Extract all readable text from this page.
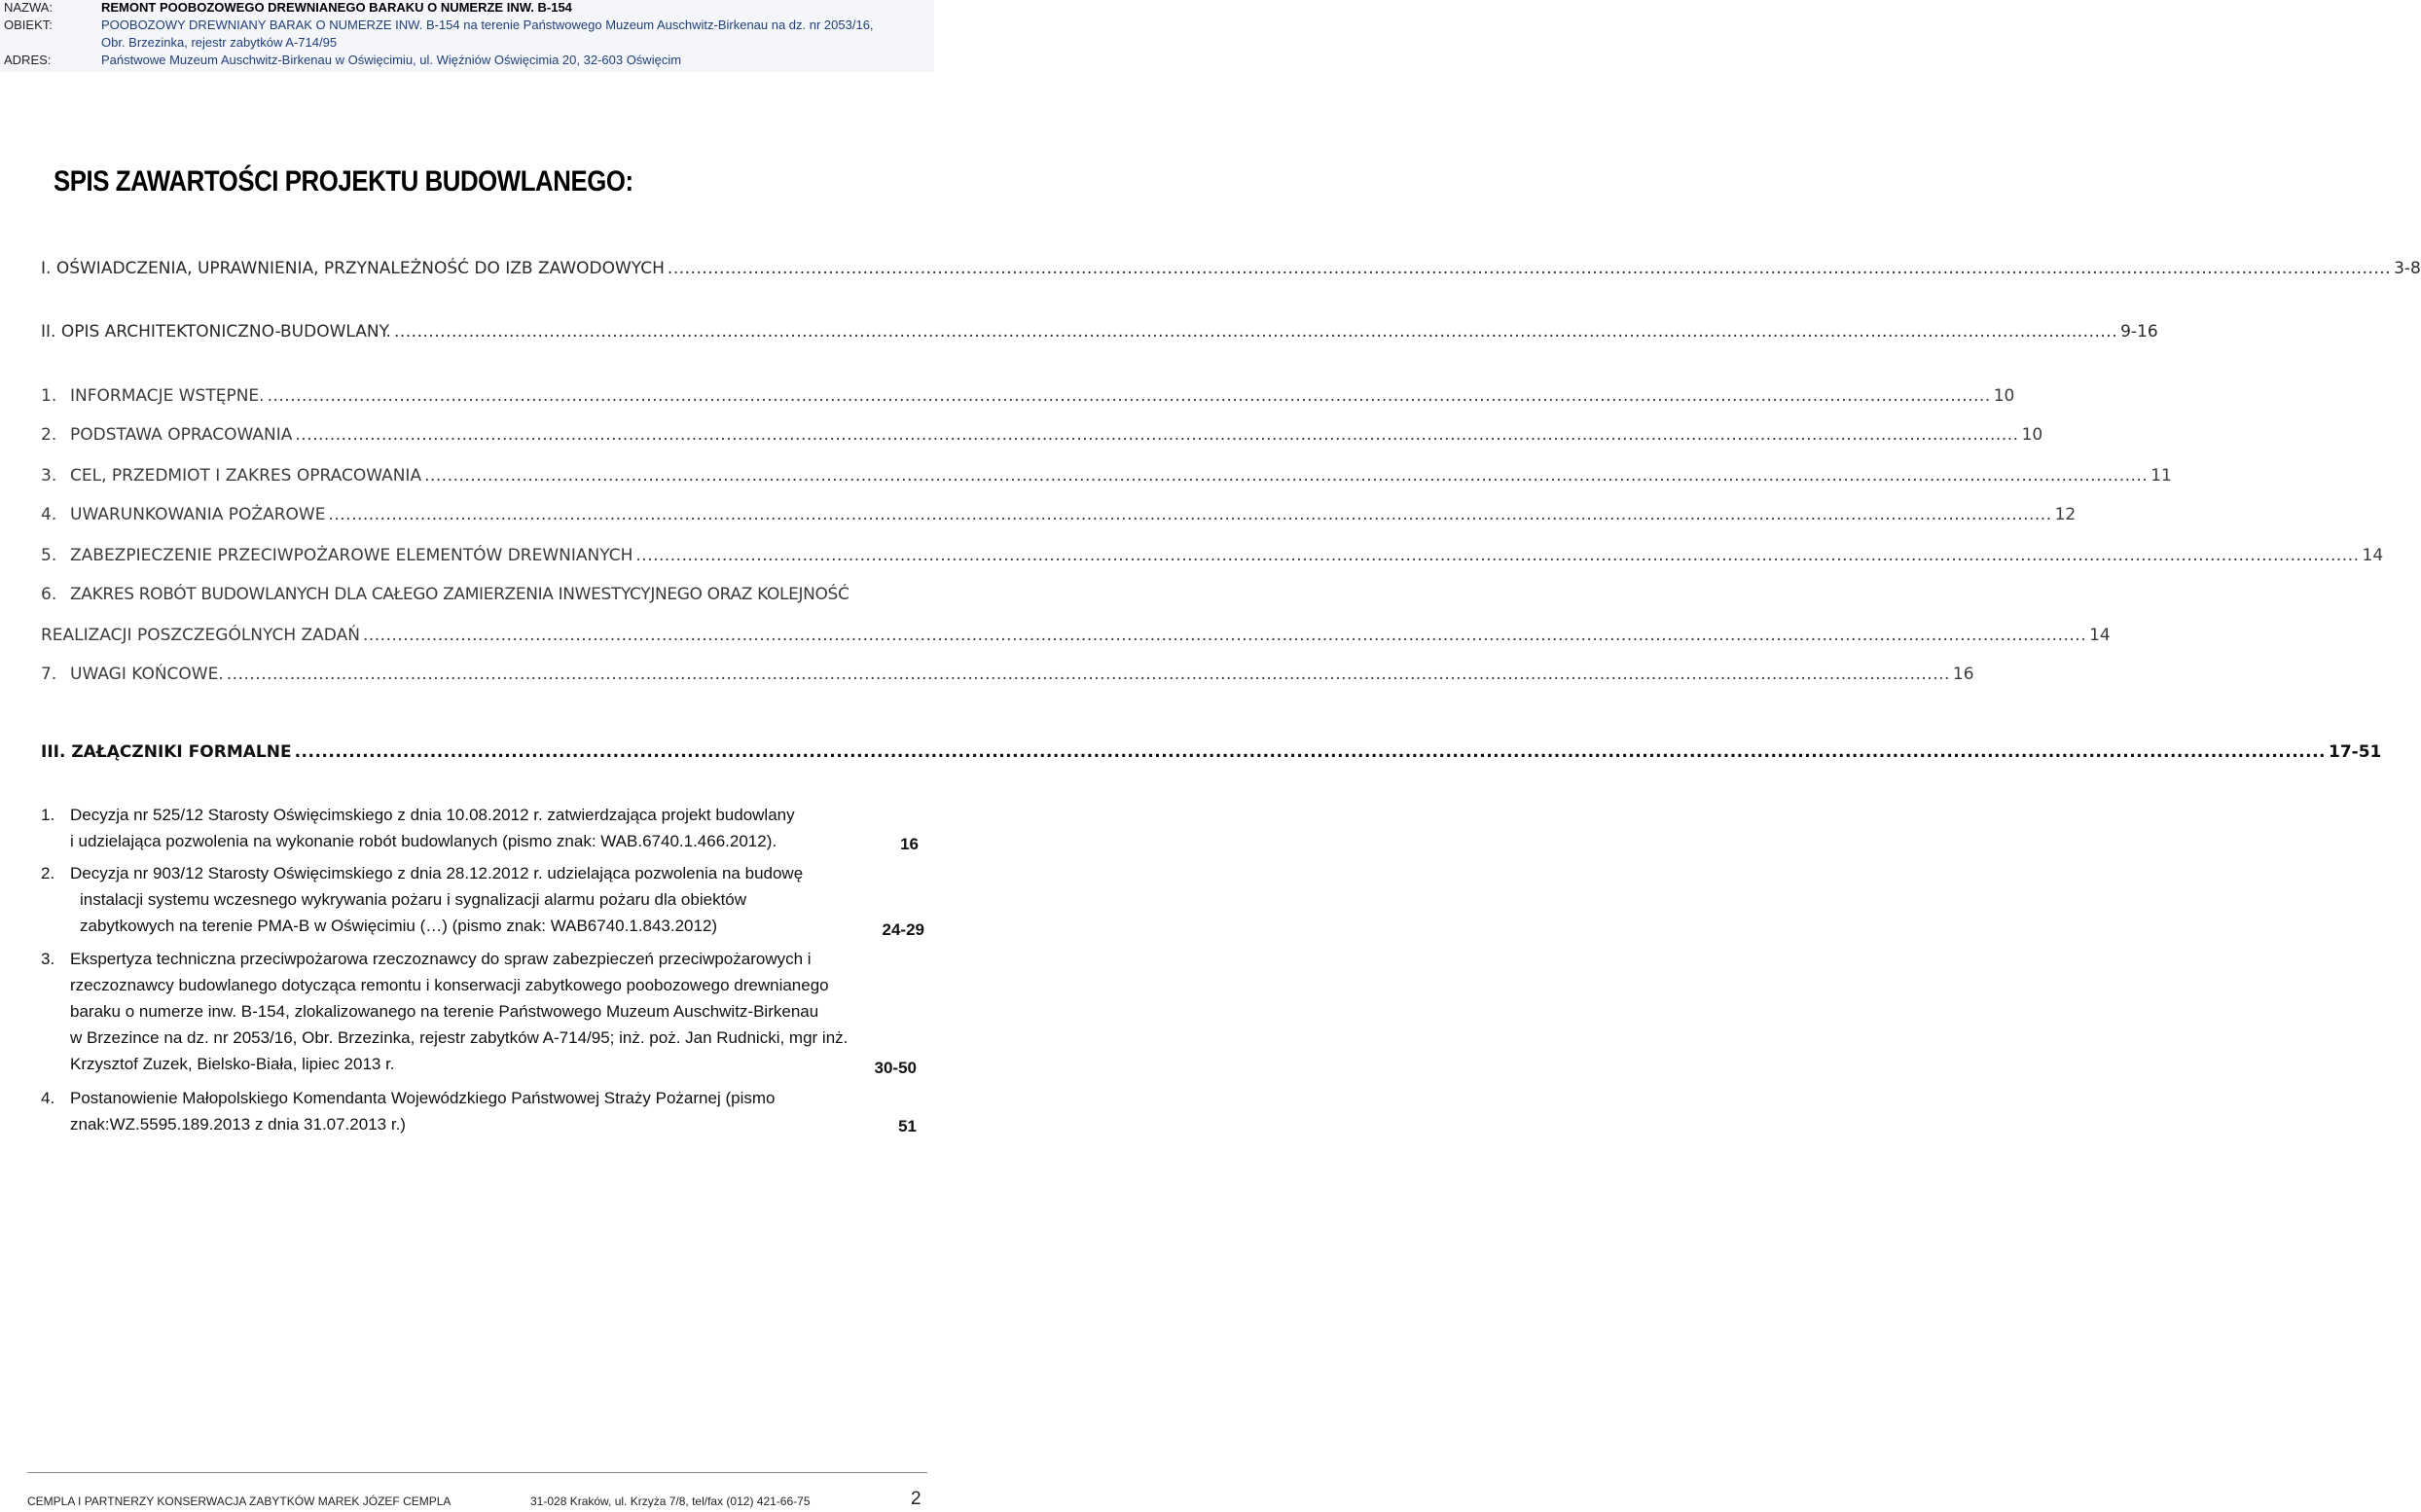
NAZWA:	REMONT POOBOZOWEGO DREWNIANEGO BARAKU O NUMERZE INW. B-154
OBIEKT:	POOBOZOWY DREWNIANY BARAK O NUMERZE INW. B-154 na terenie Państwowego Muzeum Auschwitz-Birkenau na dz. nr 2053/16,
Obr. Brzezinka, rejestr zabytków A-714/95
ADRES:	Państwowe Muzeum Auschwitz-Birkenau w Oświęcimiu, ul. Więźniów Oświęcimia 20, 32-603 Oświęcim
SPIS ZAWARTOŚCI PROJEKTU BUDOWLANEGO:
I. OŚWIADCZENIA, UPRAWNIENIA, PRZYNALEŻNOŚĆ DO IZB ZAWODOWYCH ............................................................................................................................................................................................................................................................................................................ 3-8
II. OPIS ARCHITEKTONICZNO-BUDOWLANY. ............................................................................................................................................................................................................................................................................................................ 9-16
1. INFORMACJE WSTĘPNE. ............................................................................................................................................................................................................................................................................................................ 10
2. PODSTAWA OPRACOWANIA ............................................................................................................................................................................................................................................................................................................ 10
3. CEL, PRZEDMIOT I ZAKRES OPRACOWANIA ............................................................................................................................................................................................................................................................................................................ 11
4. UWARUNKOWANIA POŻAROWE ............................................................................................................................................................................................................................................................................................................ 12
5. ZABEZPIECZENIE PRZECIWPOŻAROWE ELEMENTÓW DREWNIANYCH ............................................................................................................................................................................................................................................................................................................ 14
6. ZAKRES ROBÓT BUDOWLANYCH DLA CAŁEGO ZAMIERZENIA INWESTYCYJNEGO ORAZ KOLEJNOŚĆ
REALIZACJI POSZCZEGÓLNYCH ZADAŃ ............................................................................................................................................................................................................................................................................................................ 14
7. UWAGI KOŃCOWE. ............................................................................................................................................................................................................................................................................................................ 16
III. ZAŁĄCZNIKI FORMALNE ............................................................................................................................................................................................................................................................................................................ 17-51
1. Decyzja nr 525/12 Starosty Oświęcimskiego z dnia 10.08.2012 r. zatwierdzająca projekt budowlany
i udzielająca pozwolenia na wykonanie robót budowlanych (pismo znak: WAB.6740.1.466.2012).	16
2. Decyzja nr 903/12 Starosty Oświęcimskiego z dnia 28.12.2012 r. udzielająca pozwolenia na budowę
instalacji systemu wczesnego wykrywania pożaru i sygnalizacji alarmu pożaru dla obiektów
zabytkowych na terenie PMA-B w Oświęcimiu (…) (pismo znak: WAB6740.1.843.2012)	24-29
3. Ekspertyza techniczna przeciwpożarowa rzeczoznawcy do spraw zabezpieczeń przeciwpożarowych i
rzeczoznawcy budowlanego dotycząca remontu i konserwacji zabytkowego poobozowego drewnianego
baraku o numerze inw. B-154, zlokalizowanego na terenie Państwowego Muzeum Auschwitz-Birkenau
w Brzezince na dz. nr 2053/16, Obr. Brzezinka, rejestr zabytków A-714/95; inż. poż. Jan Rudnicki, mgr inż.
Krzysztof Zuzek, Bielsko-Biała, lipiec 2013 r.	30-50
4. Postanowienie Małopolskiego Komendanta Wojewódzkiego Państwowej Straży Pożarnej (pismo
znak:WZ.5595.189.2013 z dnia 31.07.2013 r.)	51
CEMPLA I PARTNERZY KONSERWACJA ZABYTKÓW MAREK JÓZEF CEMPLA	31-028 Kraków, ul. Krzyża 7/8, tel/fax (012) 421-66-75	2
